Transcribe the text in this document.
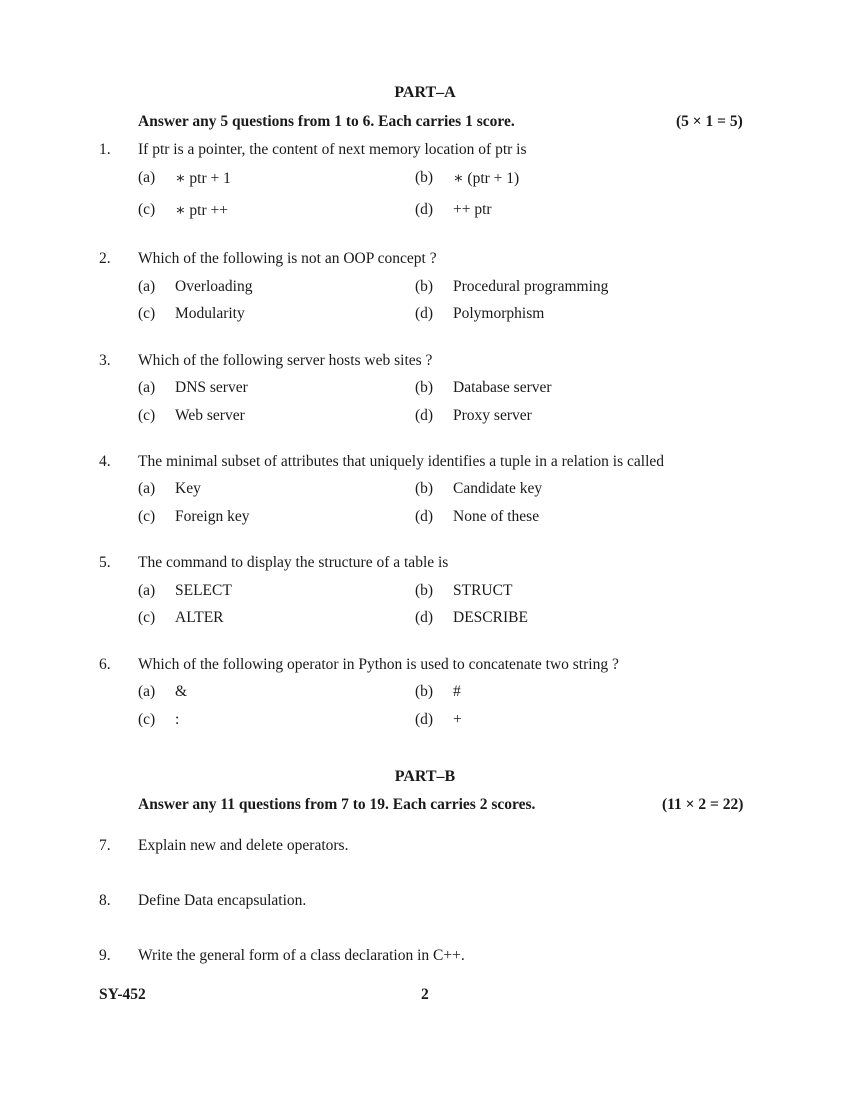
PART–A
Answer any 5 questions from 1 to 6. Each carries 1 score.	(5 × 1 = 5)
1. If ptr is a pointer, the content of next memory location of ptr is
(a) ∗ ptr + 1	(b) ∗ (ptr + 1)
(c) ∗ ptr ++	(d) ++ ptr
2. Which of the following is not an OOP concept ?
(a) Overloading	(b) Procedural programming
(c) Modularity	(d) Polymorphism
3. Which of the following server hosts web sites ?
(a) DNS server	(b) Database server
(c) Web server	(d) Proxy server
4. The minimal subset of attributes that uniquely identifies a tuple in a relation is called
(a) Key	(b) Candidate key
(c) Foreign key	(d) None of these
5. The command to display the structure of a table is
(a) SELECT	(b) STRUCT
(c) ALTER	(d) DESCRIBE
6. Which of the following operator in Python is used to concatenate two string ?
(a) &	(b) #
(c) :	(d) +
PART–B
Answer any 11 questions from 7 to 19. Each carries 2 scores.	(11 × 2 = 22)
7. Explain new and delete operators.
8. Define Data encapsulation.
9. Write the general form of a class declaration in C++.
SY-452	2
